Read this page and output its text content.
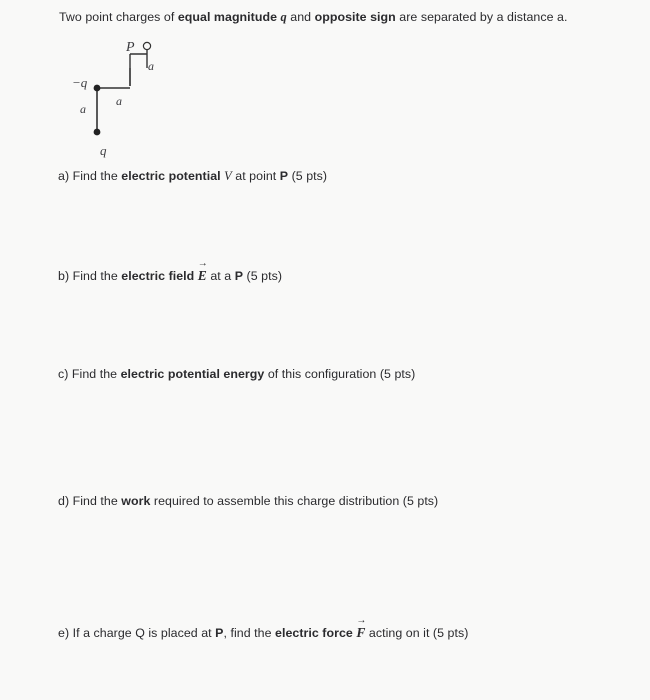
Two point charges of equal magnitude q and opposite sign are separated by a distance a.
P
−q
q
a
a
a
a) Find the electric potential V at point P (5 pts)
b) Find the electric field → E at a P (5 pts)
c) Find the electric potential energy of this configuration (5 pts)
d) Find the work required to assemble this charge distribution (5 pts)
e) If a charge Q is placed at P, find the electric force → F acting on it (5 pts)
